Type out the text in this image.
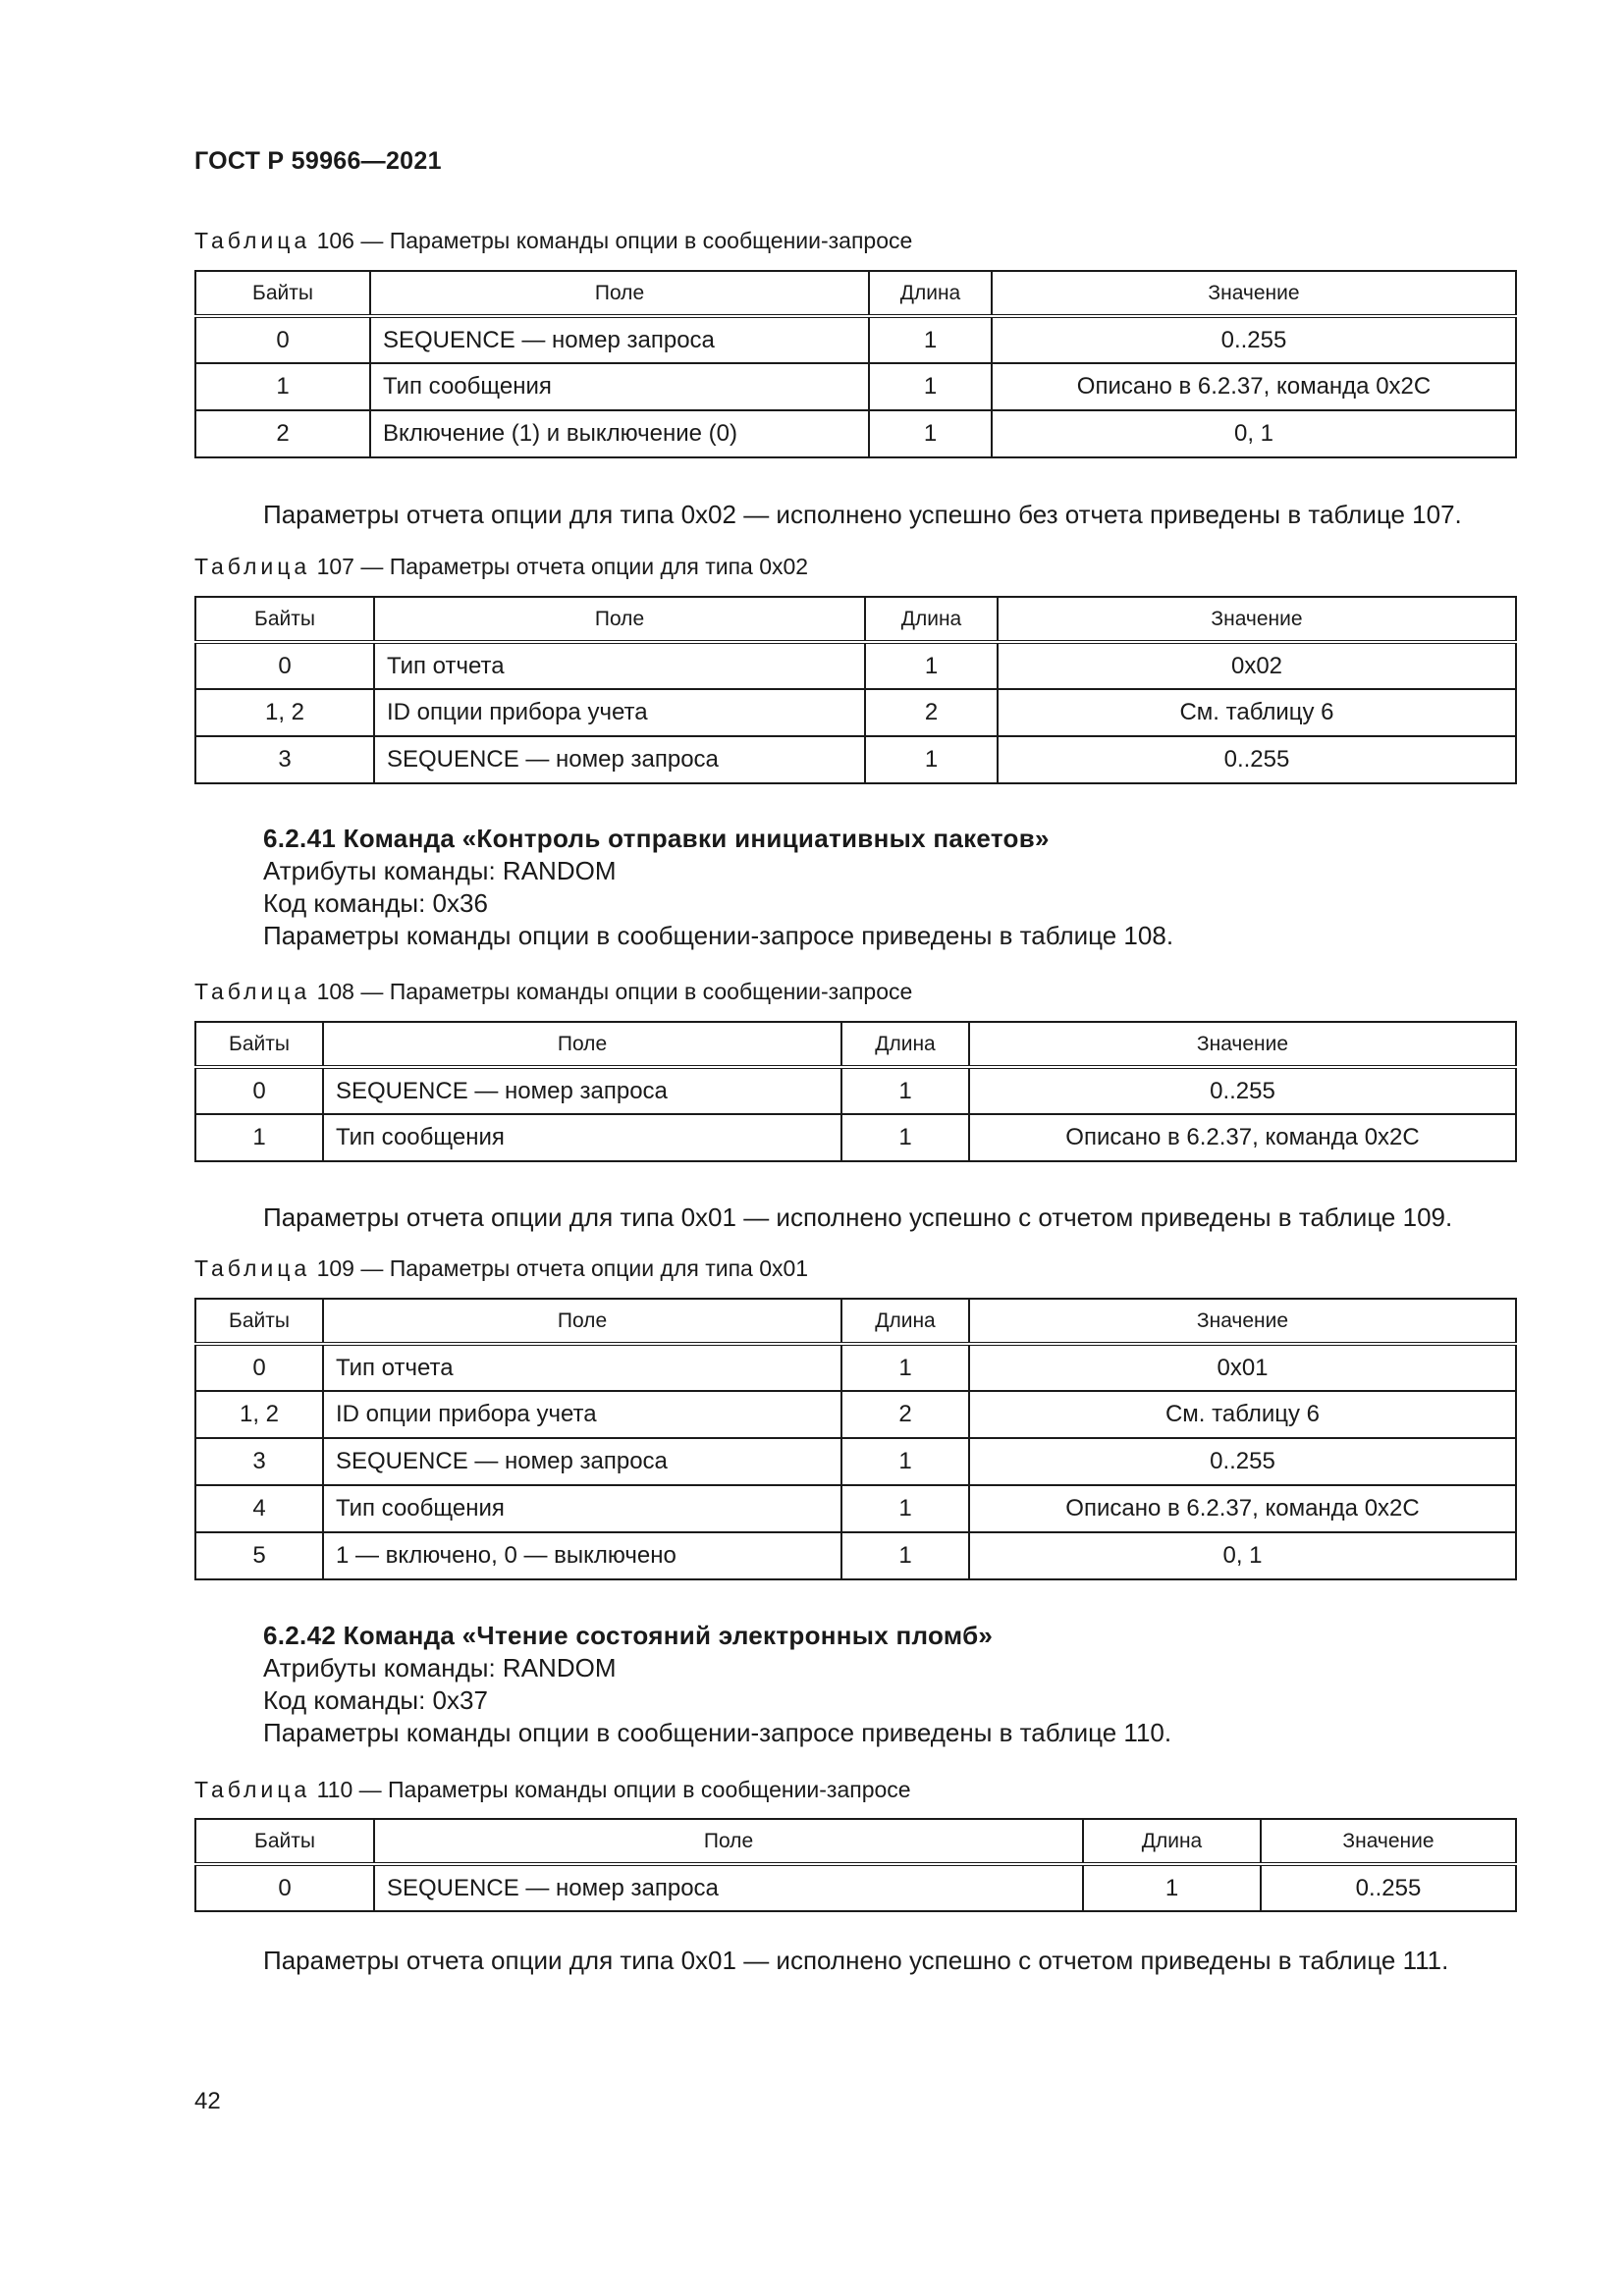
ГОСТ Р 59966—2021
Таблица 106 — Параметры команды опции в сообщении-запросе
Байты	Поле	Длина	Значение
0	SEQUENCE — номер запроса	1	0..255
1	Тип сообщения	1	Описано в 6.2.37, команда 0x2C
2	Включение (1) и выключение (0)	1	0, 1
Параметры отчета опции для типа 0x02 — исполнено успешно без отчета приведены в таблице 107.
Таблица 107 — Параметры отчета опции для типа 0x02
Байты	Поле	Длина	Значение
0	Тип отчета	1	0x02
1, 2	ID опции прибора учета	2	См. таблицу 6
3	SEQUENCE — номер запроса	1	0..255
6.2.41 Команда «Контроль отправки инициативных пакетов»
Атрибуты команды: RANDOM
Код команды: 0x36
Параметры команды опции в сообщении-запросе приведены в таблице 108.
Таблица 108 — Параметры команды опции в сообщении-запросе
Байты	Поле	Длина	Значение
0	SEQUENCE — номер запроса	1	0..255
1	Тип сообщения	1	Описано в 6.2.37, команда 0x2C
Параметры отчета опции для типа 0x01 — исполнено успешно с отчетом приведены в таблице 109.
Таблица 109 — Параметры отчета опции для типа 0x01
Байты	Поле	Длина	Значение
0	Тип отчета	1	0x01
1, 2	ID опции прибора учета	2	См. таблицу 6
3	SEQUENCE — номер запроса	1	0..255
4	Тип сообщения	1	Описано в 6.2.37, команда 0x2C
5	1 — включено, 0 — выключено	1	0, 1
6.2.42 Команда «Чтение состояний электронных пломб»
Атрибуты команды: RANDOM
Код команды: 0x37
Параметры команды опции в сообщении-запросе приведены в таблице 110.
Таблица 110 — Параметры команды опции в сообщении-запросе
Байты	Поле	Длина	Значение
0	SEQUENCE — номер запроса	1	0..255
Параметры отчета опции для типа 0x01 — исполнено успешно с отчетом приведены в таблице 111.
42
